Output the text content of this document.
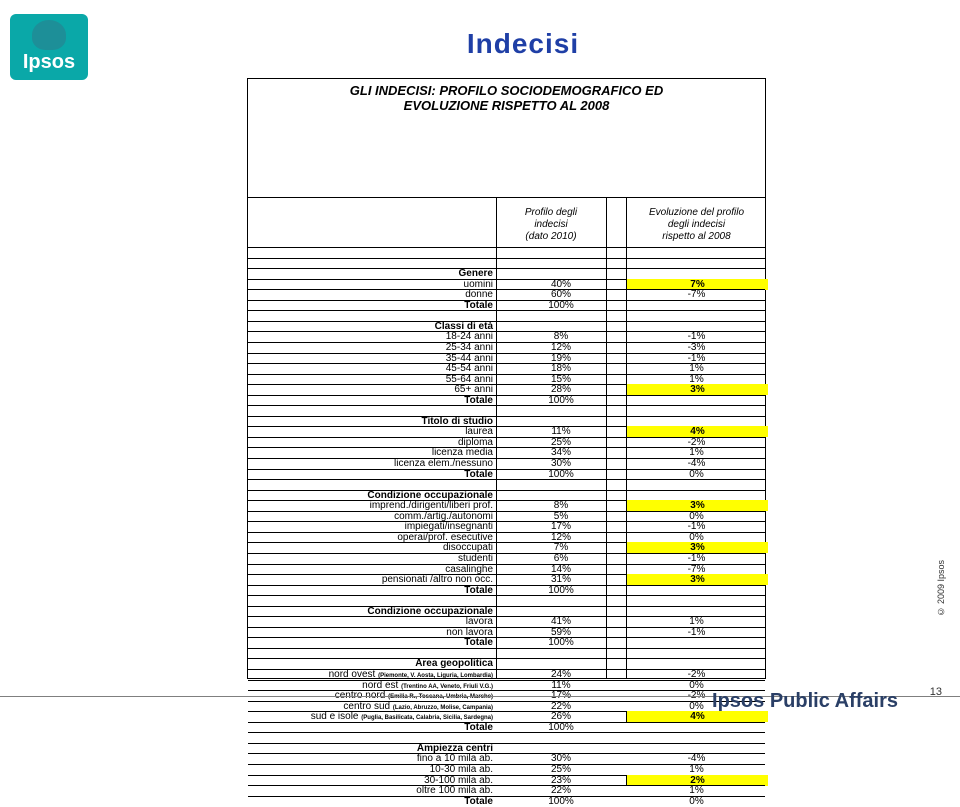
Ipsos
Indecisi
GLI INDECISI: PROFILO SOCIODEMOGRAFICO ED
EVOLUZIONE RISPETTO AL 2008
Profilo degli
indecisi
(dato 2010)
Evoluzione del profilo
degli indecisi
rispetto al 2008
Genere
uomini	40%	7%
donne	60%	-7%
Totale	100%
Classi di età
18-24 anni	8%	-1%
25-34 anni	12%	-3%
35-44 anni	19%	-1%
45-54 anni	18%	1%
55-64 anni	15%	1%
65+ anni	28%	3%
Totale	100%
Titolo di studio
laurea	11%	4%
diploma	25%	-2%
licenza media	34%	1%
licenza elem./nessuno	30%	-4%
Totale	100%	0%
Condizione occupazionale
imprend./dirigenti/liberi prof.	8%	3%
comm./artig./autonomi	5%	0%
impiegati/insegnanti	17%	-1%
operai/prof. esecutive	12%	0%
disoccupati	7%	3%
studenti	6%	-1%
casalinghe	14%	-7%
pensionati /altro non occ.	31%	3%
Totale	100%
Condizione occupazionale
lavora	41%	1%
non lavora	59%	-1%
Totale	100%
Area geopolitica
nord ovest (Piemonte, V. Aosta, Liguria, Lombardia)	24%	-2%
nord est (Trentino AA, Veneto, Friuli V.G.)	11%	0%
centro nord (Emilia R., Toscana, Umbria, Marche)	17%	-2%
centro sud (Lazio, Abruzzo, Molise, Campania)	22%	0%
sud e isole (Puglia, Basilicata, Calabria, Sicilia, Sardegna)	26%	4%
Totale	100%
Ampiezza centri
fino a 10 mila ab.	30%	-4%
10-30 mila ab.	25%	1%
30-100 mila ab.	23%	2%
oltre 100 mila ab.	22%	1%
Totale	100%	0%
Ipsos Public Affairs	13
© 2009 Ipsos
